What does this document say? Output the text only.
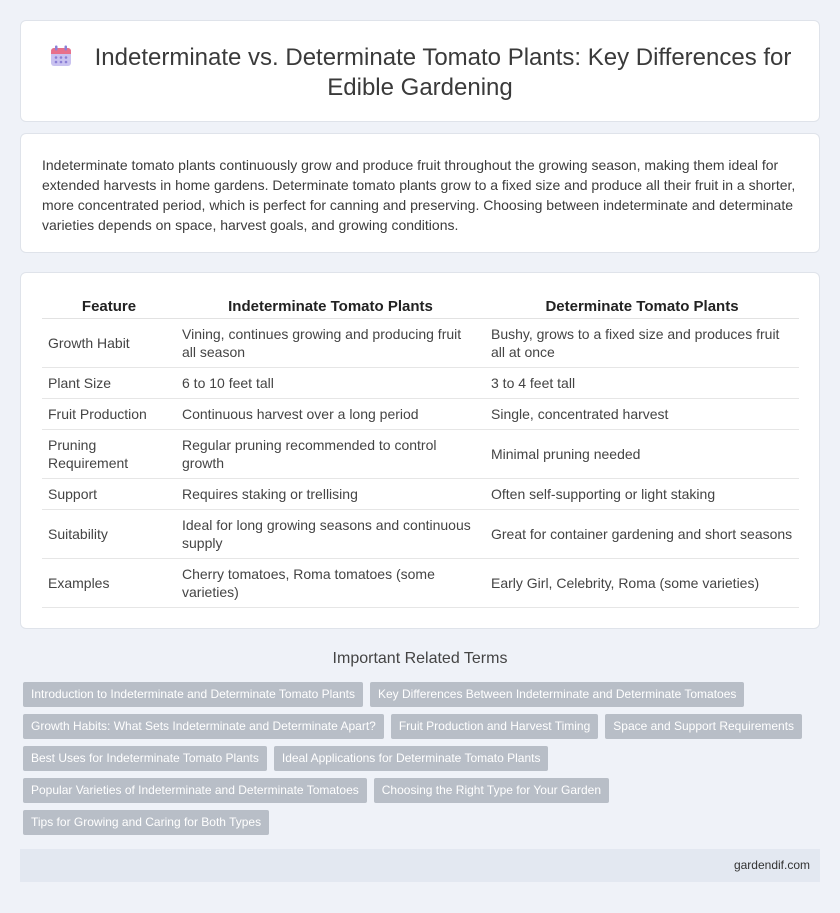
Indeterminate vs. Determinate Tomato Plants: Key Differences for Edible Gardening

Indeterminate tomato plants continuously grow and produce fruit throughout the growing season, making them ideal for extended harvests in home gardens. Determinate tomato plants grow to a fixed size and produce all their fruit in a shorter, more concentrated period, which is perfect for canning and preserving. Choosing between indeterminate and determinate varieties depends on space, harvest goals, and growing conditions.

Feature	Indeterminate Tomato Plants	Determinate Tomato Plants
Growth Habit	Vining, continues growing and producing fruit all season	Bushy, grows to a fixed size and produces fruit all at once
Plant Size	6 to 10 feet tall	3 to 4 feet tall
Fruit Production	Continuous harvest over a long period	Single, concentrated harvest
Pruning Requirement	Regular pruning recommended to control growth	Minimal pruning needed
Support	Requires staking or trellising	Often self-supporting or light staking
Suitability	Ideal for long growing seasons and continuous supply	Great for container gardening and short seasons
Examples	Cherry tomatoes, Roma tomatoes (some varieties)	Early Girl, Celebrity, Roma (some varieties)
Important Related Terms
Introduction to Indeterminate and Determinate Tomato Plants	Key Differences Between Indeterminate and Determinate Tomatoes
Growth Habits: What Sets Indeterminate and Determinate Apart?	Fruit Production and Harvest Timing	Space and Support Requirements
Best Uses for Indeterminate Tomato Plants	Ideal Applications for Determinate Tomato Plants
Popular Varieties of Indeterminate and Determinate Tomatoes	Choosing the Right Type for Your Garden
Tips for Growing and Caring for Both Types
gardendif.com
